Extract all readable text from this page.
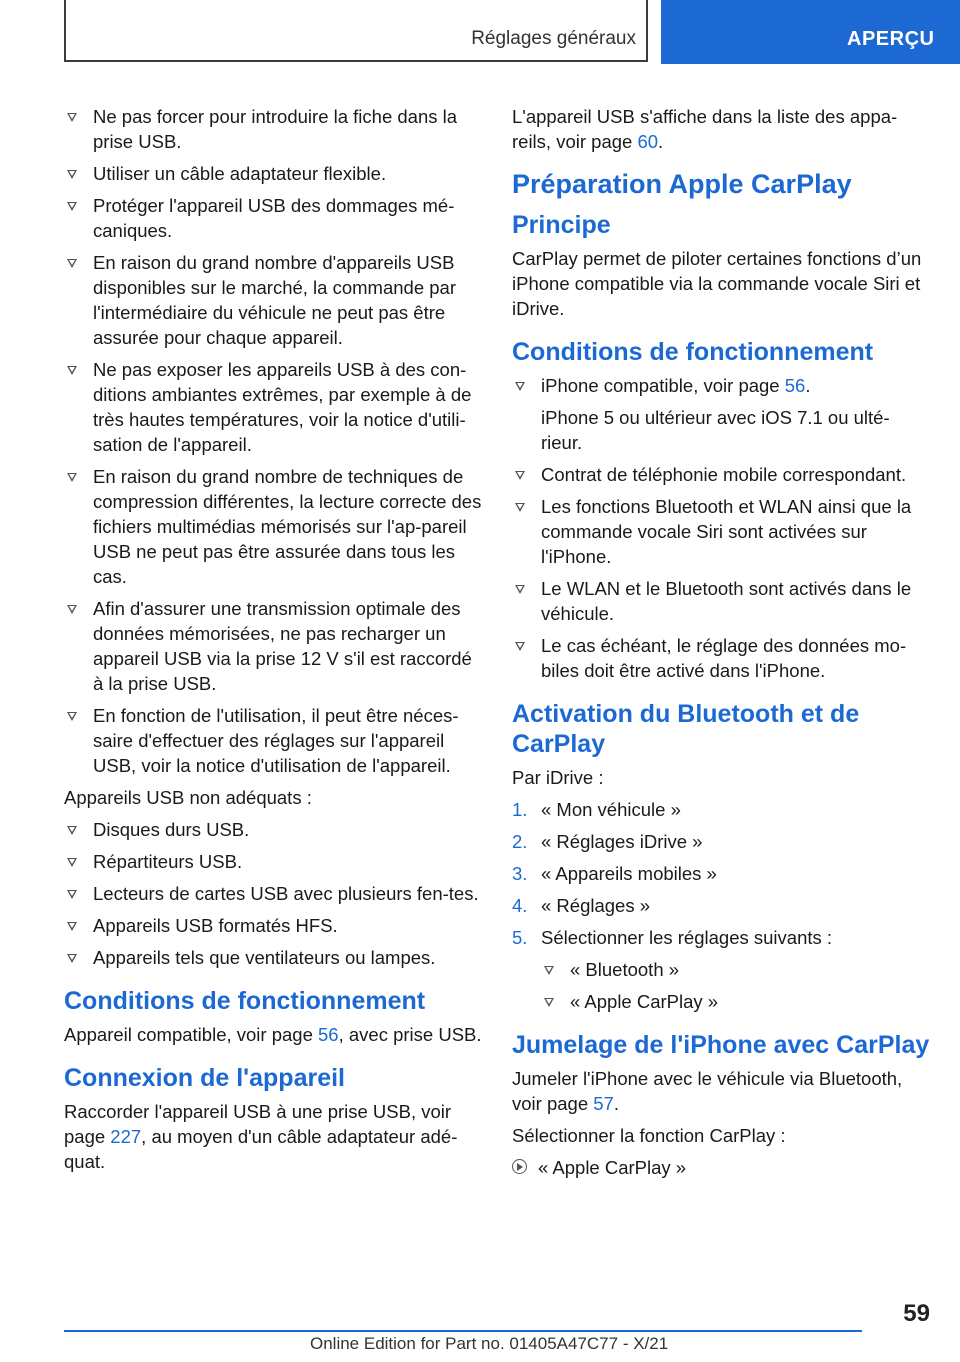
Réglages généraux	APERÇU
Ne pas forcer pour introduire la fiche dans la prise USB.
Utiliser un câble adaptateur flexible.
Protéger l'appareil USB des dommages mé‐caniques.
En raison du grand nombre d'appareils USB disponibles sur le marché, la commande par l'intermédiaire du véhicule ne peut pas être assurée pour chaque appareil.
Ne pas exposer les appareils USB à des con‐ditions ambiantes extrêmes, par exemple à de très hautes températures, voir la notice d'utili‐sation de l'appareil.
En raison du grand nombre de techniques de compression différentes, la lecture correcte des fichiers multimédias mémorisés sur l'ap‐pareil USB ne peut pas être assurée dans tous les cas.
Afin d'assurer une transmission optimale des données mémorisées, ne pas recharger un appareil USB via la prise 12 V s'il est raccordé à la prise USB.
En fonction de l'utilisation, il peut être néces‐saire d'effectuer des réglages sur l'appareil USB, voir la notice d'utilisation de l'appareil.

Appareils USB non adéquats :

Disques durs USB.
Répartiteurs USB.
Lecteurs de cartes USB avec plusieurs fen‐tes.
Appareils USB formatés HFS.
Appareils tels que ventilateurs ou lampes.
Conditions de fonctionnement

Appareil compatible, voir page 56, avec prise USB.

Connexion de l'appareil

Raccorder l'appareil USB à une prise USB, voir page 227, au moyen d'un câble adaptateur adé‐quat.

L'appareil USB s'affiche dans la liste des appa‐reils, voir page 60.

Préparation Apple CarPlay
Principe

CarPlay permet de piloter certaines fonctions d’un iPhone compatible via la commande vocale Siri et iDrive.

Conditions de fonctionnement
iPhone compatible, voir page 56.

iPhone 5 ou ultérieur avec iOS 7.1 ou ulté‐rieur.

Contrat de téléphonie mobile correspondant.
Les fonctions Bluetooth et WLAN ainsi que la commande vocale Siri sont activées sur l'iPhone.
Le WLAN et le Bluetooth sont activés dans le véhicule.
Le cas échéant, le réglage des données mo‐biles doit être activé dans l'iPhone.
Activation du Bluetooth et de CarPlay

Par iDrive :

1. « Mon véhicule »
2. « Réglages iDrive »
3. « Appareils mobiles »
4. « Réglages »
5. Sélectionner les réglages suivants :
« Bluetooth »
« Apple CarPlay »
Jumelage de l'iPhone avec CarPlay

Jumeler l'iPhone avec le véhicule via Bluetooth, voir page 57.

Sélectionner la fonction CarPlay :

« Apple CarPlay »
59
Online Edition for Part no. 01405A47C77 - X/21
